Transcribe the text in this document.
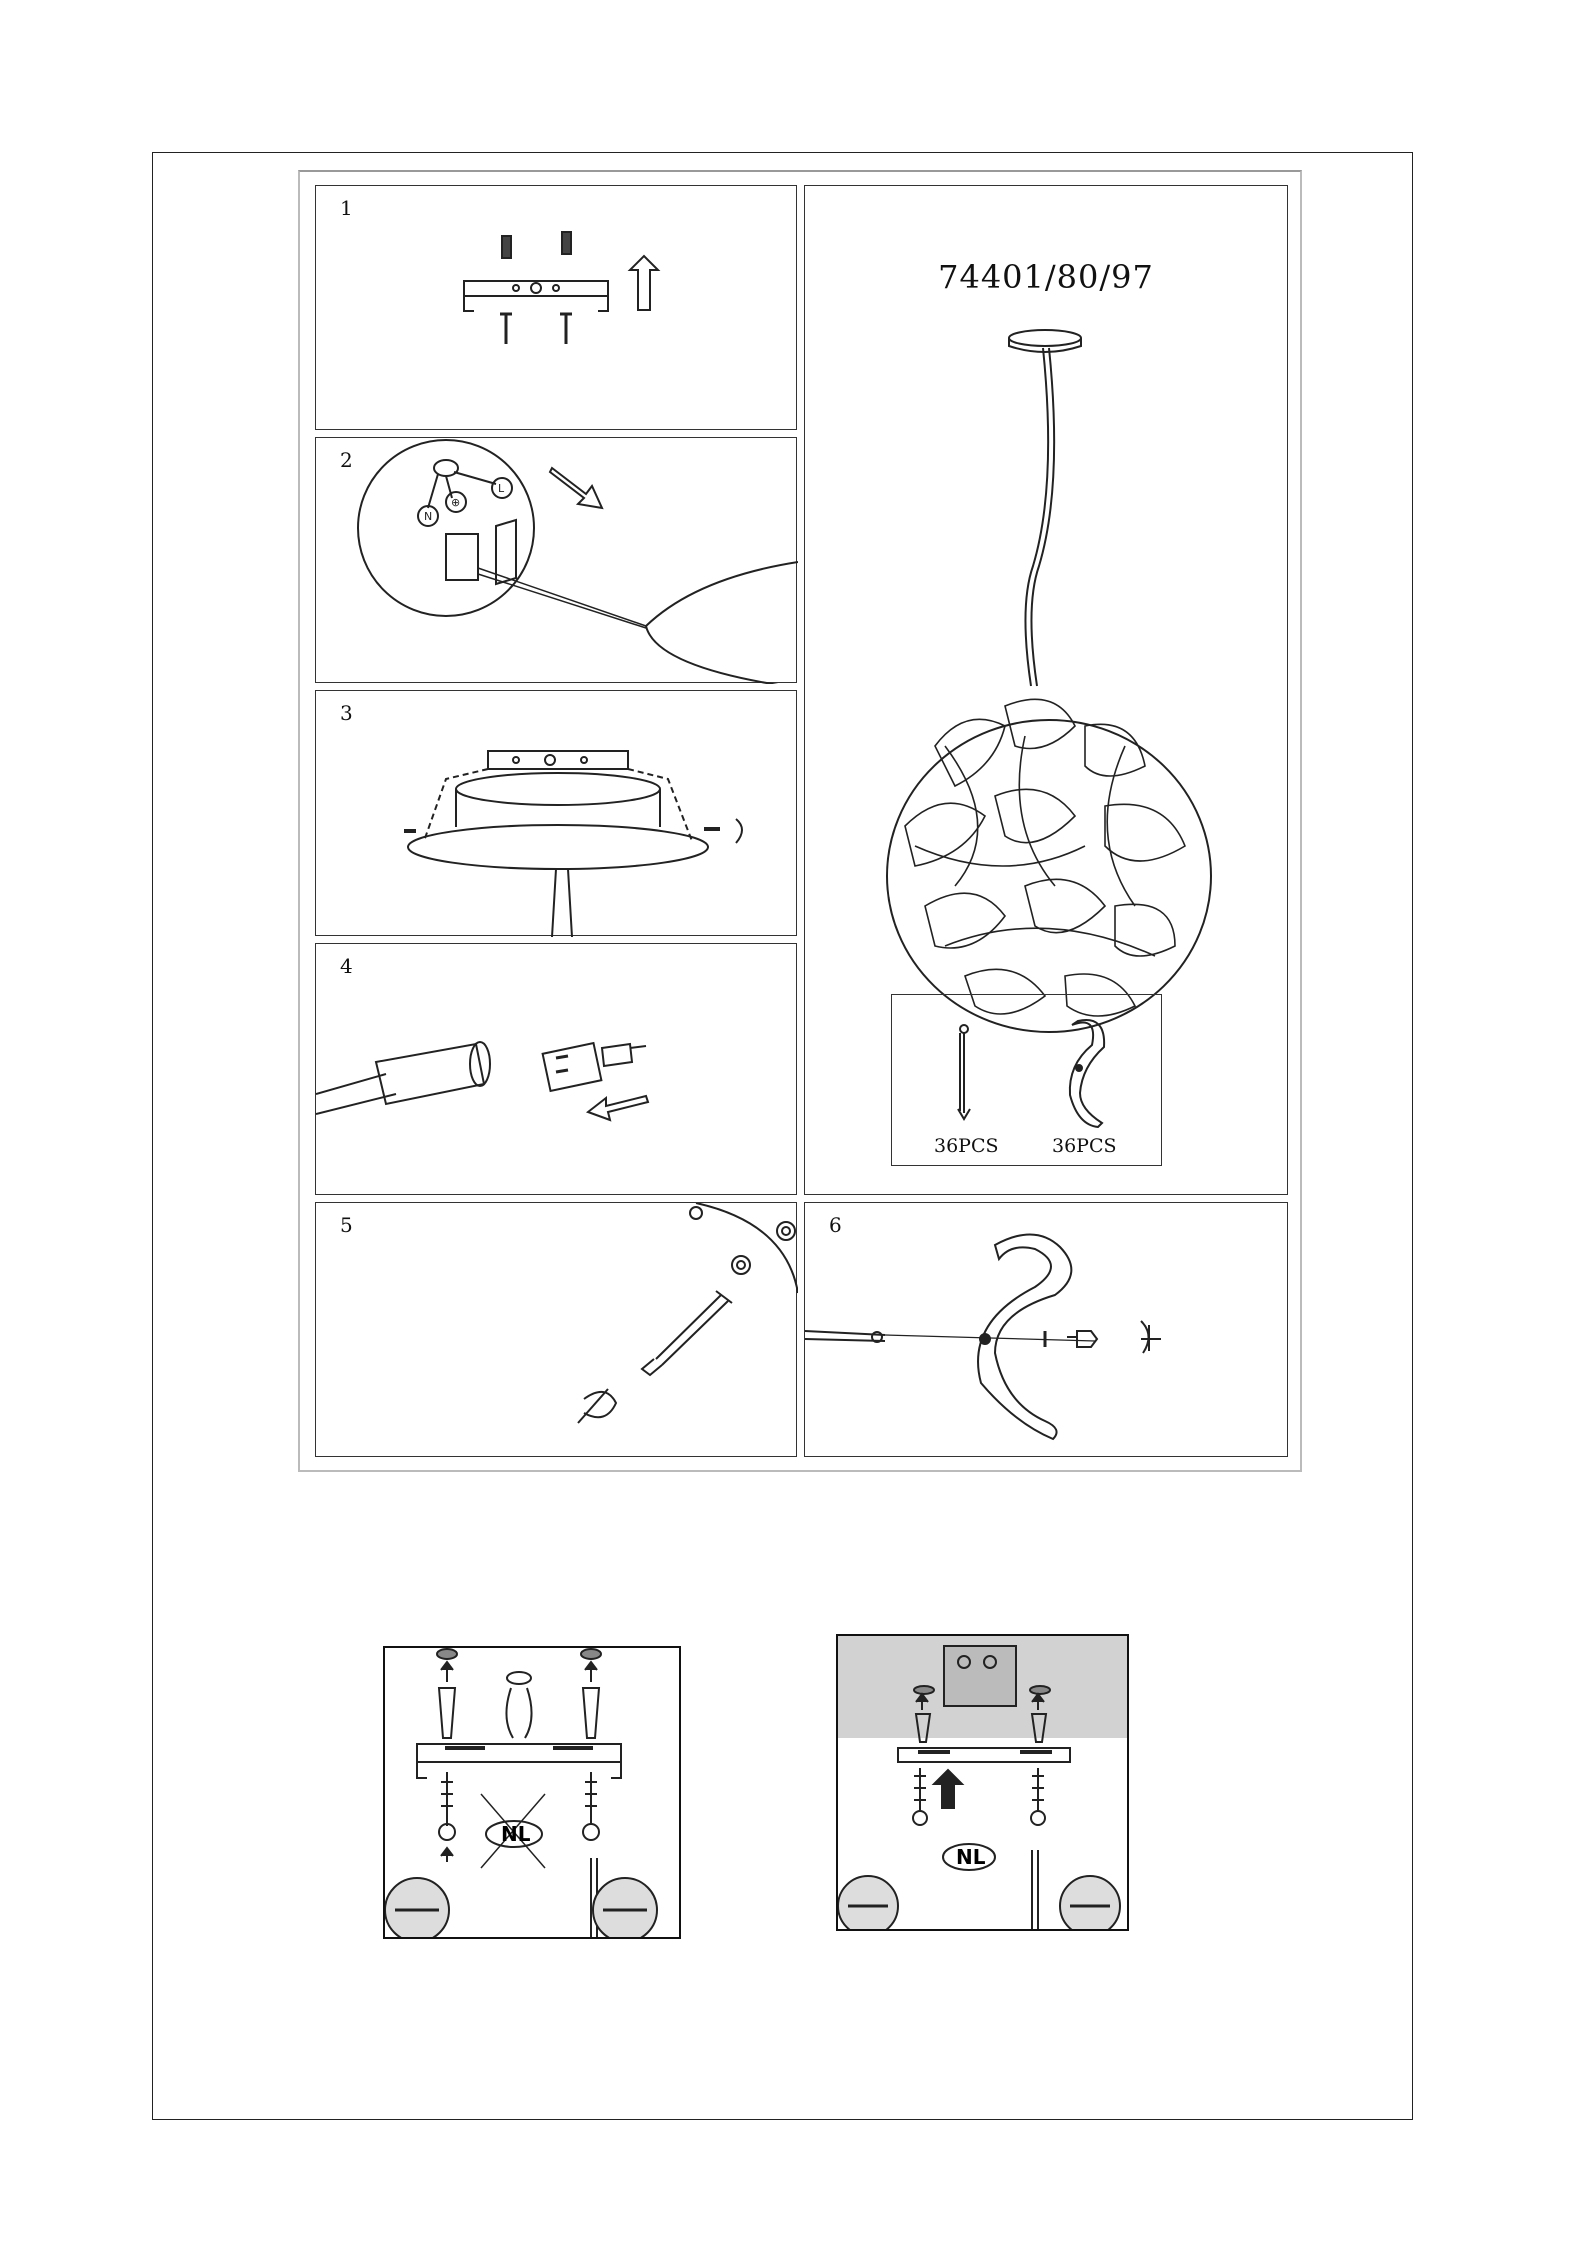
1
2
N
⊕
L
3
4
5	6
74401/80/97
36PCS	36PCS
NL
NL
